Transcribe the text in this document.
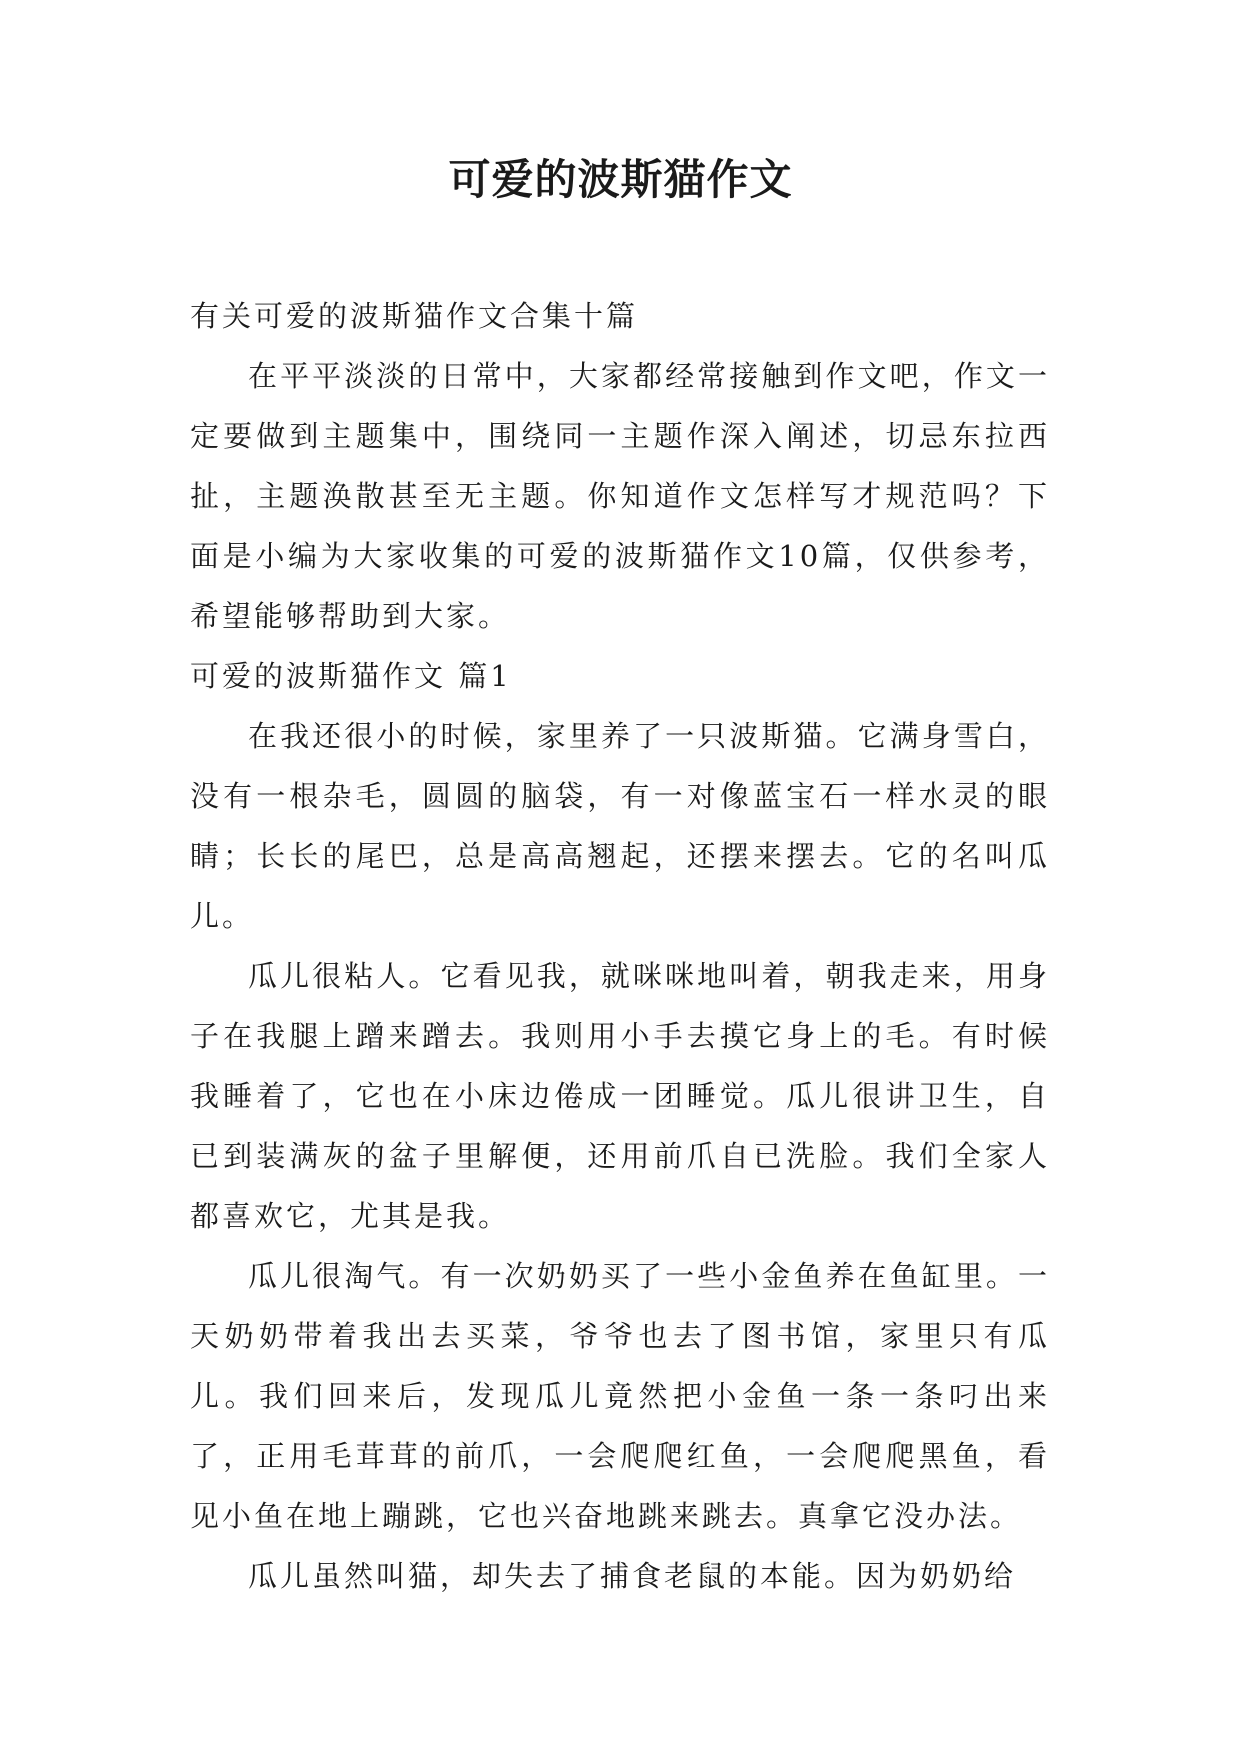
可爱的波斯猫作文

有关可爱的波斯猫作文合集十篇

在平平淡淡的日常中，大家都经常接触到作文吧，作文一定要做到主题集中，围绕同一主题作深入阐述，切忌东拉西扯，主题涣散甚至无主题。你知道作文怎样写才规范吗？下面是小编为大家收集的可爱的波斯猫作文10篇，仅供参考，希望能够帮助到大家。

可爱的波斯猫作文 篇1

在我还很小的时候，家里养了一只波斯猫。它满身雪白，没有一根杂毛，圆圆的脑袋，有一对像蓝宝石一样水灵的眼睛；长长的尾巴，总是高高翘起，还摆来摆去。它的名叫瓜儿。

瓜儿很粘人。它看见我，就咪咪地叫着，朝我走来，用身子在我腿上蹭来蹭去。我则用小手去摸它身上的毛。有时候我睡着了，它也在小床边倦成一团睡觉。瓜儿很讲卫生，自已到装满灰的盆子里解便，还用前爪自已洗脸。我们全家人都喜欢它，尤其是我。

瓜儿很淘气。有一次奶奶买了一些小金鱼养在鱼缸里。一天奶奶带着我出去买菜，爷爷也去了图书馆，家里只有瓜儿。我们回来后，发现瓜儿竟然把小金鱼一条一条叼出来了，正用毛茸茸的前爪，一会爬爬红鱼，一会爬爬黑鱼，看见小鱼在地上蹦跳，它也兴奋地跳来跳去。真拿它没办法。

瓜儿虽然叫猫，却失去了捕食老鼠的本能。因为奶奶给
